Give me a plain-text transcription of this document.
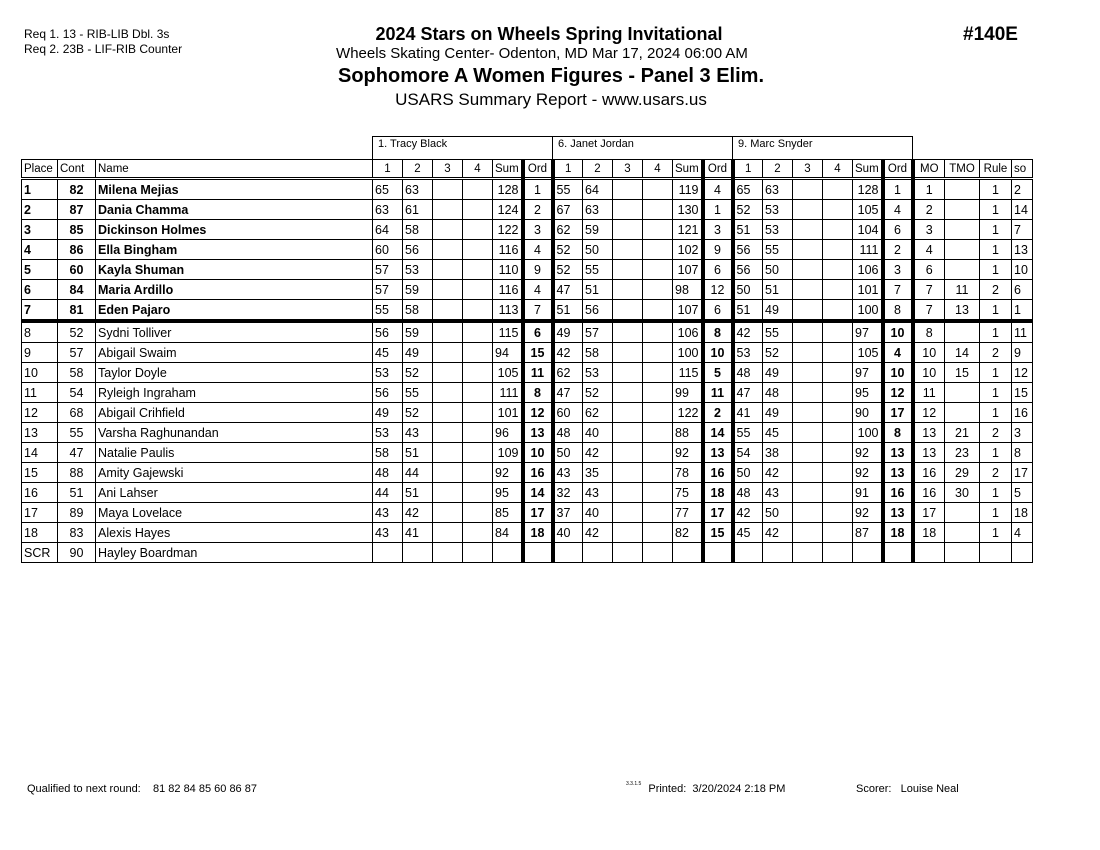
Req 1. 13 - RIB-LIB Dbl. 3s
Req 2. 23B - LIF-RIB Counter
2024 Stars on Wheels Spring Invitational
Wheels Skating Center- Odenton, MD Mar 17, 2024 06:00 AM
Sophomore A Women Figures - Panel 3 Elim.
USARS Summary Report - www.usars.us
#140E
			1. Tracy Black						6. Janet Jordan						9. Marc Snyder									
Place	Cont	Name	1	2	3	4	Sum	Ord	1	2	3	4	Sum	Ord	1	2	3	4	Sum	Ord	MO	TMO	Rule	so
1	82	Milena Mejias	65	63			128	1	55	64			119	4	65	63			128	1	1		1	2
2	87	Dania Chamma	63	61			124	2	67	63			130	1	52	53			105	4	2		1	14
3	85	Dickinson Holmes	64	58			122	3	62	59			121	3	51	53			104	6	3		1	7
4	86	Ella Bingham	60	56			116	4	52	50			102	9	56	55			111	2	4		1	13
5	60	Kayla Shuman	57	53			110	9	52	55			107	6	56	50			106	3	6		1	10
6	84	Maria Ardillo	57	59			116	4	47	51			98	12	50	51			101	7	7	11	2	6
7	81	Eden Pajaro	55	58			113	7	51	56			107	6	51	49			100	8	7	13	1	1
8	52	Sydni Tolliver	56	59			115	6	49	57			106	8	42	55			97	10	8		1	11
9	57	Abigail Swaim	45	49			94	15	42	58			100	10	53	52			105	4	10	14	2	9
10	58	Taylor Doyle	53	52			105	11	62	53			115	5	48	49			97	10	10	15	1	12
11	54	Ryleigh Ingraham	56	55			111	8	47	52			99	11	47	48			95	12	11		1	15
12	68	Abigail Crihfield	49	52			101	12	60	62			122	2	41	49			90	17	12		1	16
13	55	Varsha Raghunandan	53	43			96	13	48	40			88	14	55	45			100	8	13	21	2	3
14	47	Natalie Paulis	58	51			109	10	50	42			92	13	54	38			92	13	13	23	1	8
15	88	Amity Gajewski	48	44			92	16	43	35			78	16	50	42			92	13	16	29	2	17
16	51	Ani Lahser	44	51			95	14	32	43			75	18	48	43			91	16	16	30	1	5
17	89	Maya Lovelace	43	42			85	17	37	40			77	17	42	50			92	13	17		1	18
18	83	Alexis Hayes	43	41			84	18	40	42			82	15	45	42			87	18	18		1	4
SCR	90	Hayley Boardman																						
Qualified to next round: 81 82 84 85 60 86 87	$^{3.3.1.5}$ Printed: 3/20/2024 2:18 PM	Scorer: Louise Neal
